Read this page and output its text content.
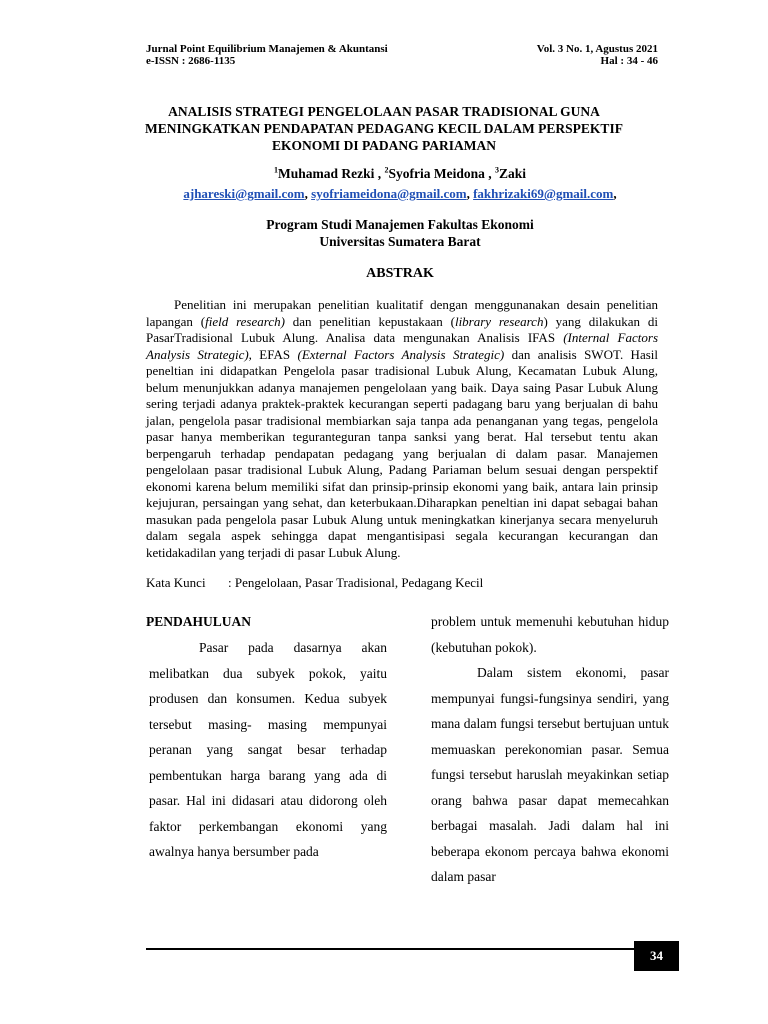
Jurnal Point Equilibrium Manajemen & Akuntansi
e-ISSN : 2686-1135
Vol. 3 No. 1, Agustus 2021
Hal : 34 - 46
ANALISIS STRATEGI PENGELOLAAN PASAR TRADISIONAL GUNA MENINGKATKAN PENDAPATAN PEDAGANG KECIL DALAM PERSPEKTIF EKONOMI DI PADANG PARIAMAN
$^1$Muhamad Rezki , $^2$Syofria Meidona , $^3$Zaki
ajhareski@gmail.com, syofriameidona@gmail.com, fakhrizaki69@gmail.com,
Program Studi Manajemen Fakultas Ekonomi
Universitas Sumatera Barat
ABSTRAK

Penelitian ini merupakan penelitian kualitatif dengan menggunanakan desain penelitian lapangan (field research) dan penelitian kepustakaan (library research) yang dilakukan di PasarTradisional Lubuk Alung. Analisa data mengunakan Analisis IFAS (Internal Factors Analysis Strategic), EFAS (External Factors Analysis Strategic) dan analisis SWOT. Hasil peneltian ini didapatkan Pengelola pasar tradisional Lubuk Alung, Kecamatan Lubuk Alung, belum menunjukkan adanya manajemen pengelolaan yang baik. Daya saing Pasar Lubuk Alung sering terjadi adanya praktek-praktek kecurangan seperti padagang baru yang berjualan di bahu jalan, pengelola pasar tradisional membiarkan saja tanpa ada penanganan yang tegas, pengelola pasar hanya memberikan teguranteguran tanpa sanksi yang berat. Hal tersebut tentu akan berpengaruh terhadap pendapatan pedagang yang berjualan di dalam pasar. Manajemen pengelolaan pasar tradisional Lubuk Alung, Padang Pariaman belum sesuai dengan perspektif ekonomi karena belum memiliki sifat dan prinsip-prinsip ekonomi yang baik, antara lain prinsip kejujuran, persaingan yang sehat, dan keterbukaan.Diharapkan peneltian ini dapat sebagai bahan masukan pada pengelola pasar Lubuk Alung untuk meningkatkan kinerjanya secara menyeluruh dalam segala aspek sehingga dapat mengantisipasi segala kecurangan kecurangan dan ketidakadilan yang terjadi di pasar Lubuk Alung.

Kata Kunci : Pengelolaan, Pasar Tradisional, Pedagang Kecil
PENDAHULUAN

Pasar pada dasarnya akan melibatkan dua subyek pokok, yaitu produsen dan konsumen. Kedua subyek tersebut masing- masing mempunyai peranan yang sangat besar terhadap pembentukan harga barang yang ada di pasar. Hal ini didasari atau didorong oleh faktor perkembangan ekonomi yang awalnya hanya bersumber pada

problem untuk memenuhi kebutuhan hidup (kebutuhan pokok).
Dalam sistem ekonomi, pasar mempunyai fungsi-fungsinya sendiri, yang mana dalam fungsi tersebut bertujuan untuk memuaskan perekonomian pasar. Semua fungsi tersebut haruslah meyakinkan setiap orang bahwa pasar dapat memecahkan berbagai masalah. Jadi dalam hal ini beberapa ekonom percaya bahwa ekonomi dalam pasar
34
